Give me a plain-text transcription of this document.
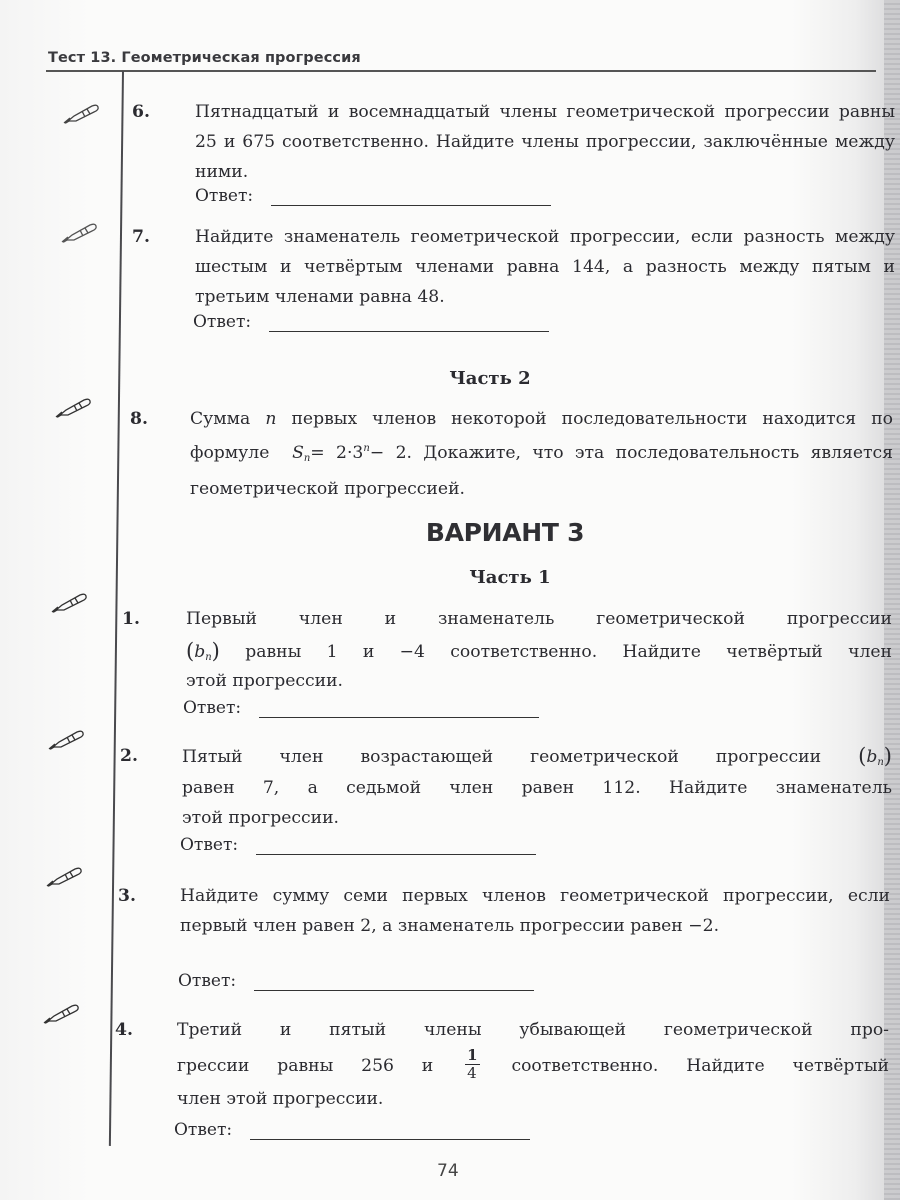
Тест 13. Геометрическая прогрессия
6.	Пятнадцатый и восемнадцатый члены геометрической прогрессии равны 25 и 675 соответственно. Найдите члены прогрессии, заключённые между ними.
Ответ:
7.	Найдите знаменатель геометрической прогрессии, если разность между шестым и четвёртым членами равна 144, а разность между пятым и третьим членами равна 48.
Ответ:
Часть 2
8. Сумма n первых членов некоторой последовательности находится по формуле $S_n= 2\cdot 3^n- 2$. Докажите, что эта последовательность является геометрической прогрессией.
ВАРИАНТ 3
Часть 1
1.	Первый член и знаменатель геометрической прогрессии
$(b_n)$ равны 1 и −4 соответственно. Найдите четвёртый член
этой прогрессии.
Ответ:
2.	Пятый член возрастающей геометрической прогрессии $(b_n)$
равен 7, а седьмой член равен 112. Найдите знаменатель
этой прогрессии.
Ответ:
3.	Найдите сумму семи первых членов геометрической прогрессии, если первый член равен 2, а знаменатель прогрессии равен −2.
Ответ:
4.	Третий и пятый члены убывающей геометрической про-
грессии равны 256 и $\frac{1}{4}$ соответственно. Найдите четвёртый
член этой прогрессии.
Ответ:
74
